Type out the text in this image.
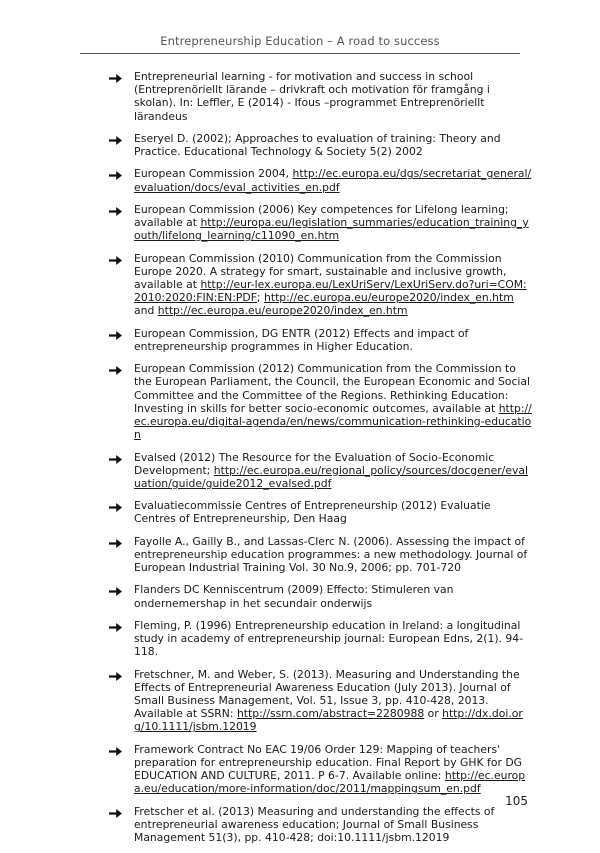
Entrepreneurship Education – A road to success
Entrepreneurial learning - for motivation and success in school (Entreprenöriellt lärande – drivkraft och motivation för framgång i skolan). In: Leffler, E (2014) - Ifous –programmet Entreprenöriellt lärandeus
Eseryel D. (2002); Approaches to evaluation of training: Theory and Practice. Educational Technology & Society 5(2) 2002
European Commission 2004, http://ec.europa.eu/dgs/secretariat_general/evaluation/docs/eval_activities_en.pdf
European Commission (2006) Key competences for Lifelong learning; available at http://europa.eu/legislation_summaries/education_training_youth/lifelong_learning/c11090_en.htm
European Commission (2010) Communication from the Commission Europe 2020. A strategy for smart, sustainable and inclusive growth, available at http://eur-lex.europa.eu/LexUriServ/LexUriServ.do?uri=COM:2010:2020:FIN:EN:PDF; http://ec.europa.eu/europe2020/index_en.htm and http://ec.europa.eu/europe2020/index_en.htm
European Commission, DG ENTR (2012) Effects and impact of entrepreneurship programmes in Higher Education.
European Commission (2012) Communication from the Commission to the European Parliament, the Council, the European Economic and Social Committee and the Committee of the Regions. Rethinking Education: Investing in skills for better socio-economic outcomes, available at http://ec.europa.eu/digital-agenda/en/news/communication-rethinking-education
Evalsed (2012) The Resource for the Evaluation of Socio-Economic Development; http://ec.europa.eu/regional_policy/sources/docgener/evaluation/guide/guide2012_evalsed.pdf
Evaluatiecommissie Centres of Entrepreneurship (2012) Evaluatie Centres of Entrepreneurship, Den Haag
Fayolle A., Gailly B., and Lassas-Clerc N. (2006). Assessing the impact of entrepreneurship education programmes: a new methodology. Journal of European Industrial Training Vol. 30 No.9, 2006; pp. 701-720
Flanders DC Kenniscentrum (2009) Effecto: Stimuleren van ondernemershap in het secundair onderwijs
Fleming, P. (1996) Entrepreneurship education in Ireland: a longitudinal study in academy of entrepreneurship journal: European Edns, 2(1). 94-118.
Fretschner, M. and Weber, S. (2013). Measuring and Understanding the Effects of Entrepreneurial Awareness Education (July 2013). Journal of Small Business Management, Vol. 51, Issue 3, pp. 410-428, 2013. Available at SSRN: http://ssrn.com/abstract=2280988 or http://dx.doi.org/10.1111/jsbm.12019
Framework Contract No EAC 19/06 Order 129: Mapping of teachers' preparation for entrepreneurship education. Final Report by GHK for DG EDUCATION AND CULTURE, 2011. P 6-7. Available online: http://ec.europa.eu/education/more-information/doc/2011/mappingsum_en.pdf
Fretscher et al. (2013) Measuring and understanding the effects of entrepreneurial awareness education; Journal of Small Business Management 51(3), pp. 410-428; doi:10.1111/jsbm.12019
105
